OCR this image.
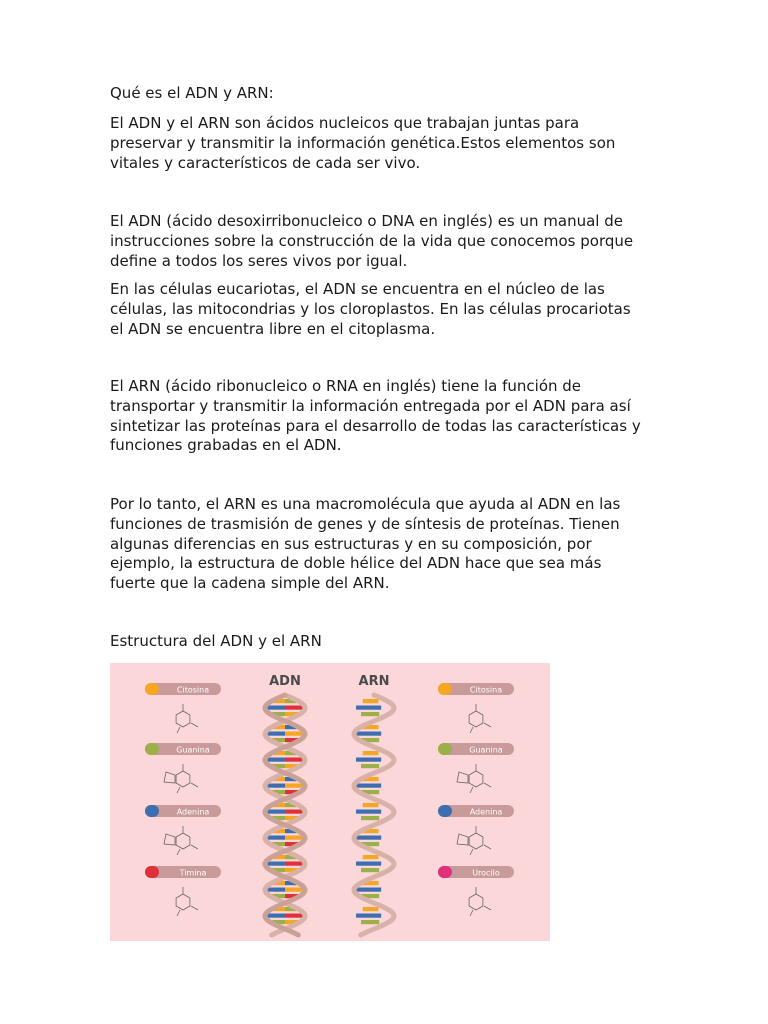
Qué es el ADN y ARN:

El ADN y el ARN son ácidos nucleicos que trabajan juntas para
preservar y transmitir la información genética.Estos elementos son
vitales y característicos de cada ser vivo.

El ADN (ácido desoxirribonucleico o DNA en inglés) es un manual de
instrucciones sobre la construcción de la vida que conocemos porque
define a todos los seres vivos por igual.

En las células eucariotas, el ADN se encuentra en el núcleo de las
células, las mitocondrias y los cloroplastos. En las células procariotas
el ADN se encuentra libre en el citoplasma.

El ARN (ácido ribonucleico o RNA en inglés) tiene la función de
transportar y transmitir la información entregada por el ADN para así
sintetizar las proteínas para el desarrollo de todas las características y
funciones grabadas en el ADN.

Por lo tanto, el ARN es una macromolécula que ayuda al ADN en las
funciones de trasmisión de genes y de síntesis de proteínas. Tienen
algunas diferencias en sus estructuras y en su composición, por
ejemplo, la estructura de doble hélice del ADN hace que sea más
fuerte que la cadena simple del ARN.

Estructura del ADN y el ARN

ADN	ARN
Citosina
Guanina
Adenina
Timina
Citosina
Guanina
Adenina
Urocilo
